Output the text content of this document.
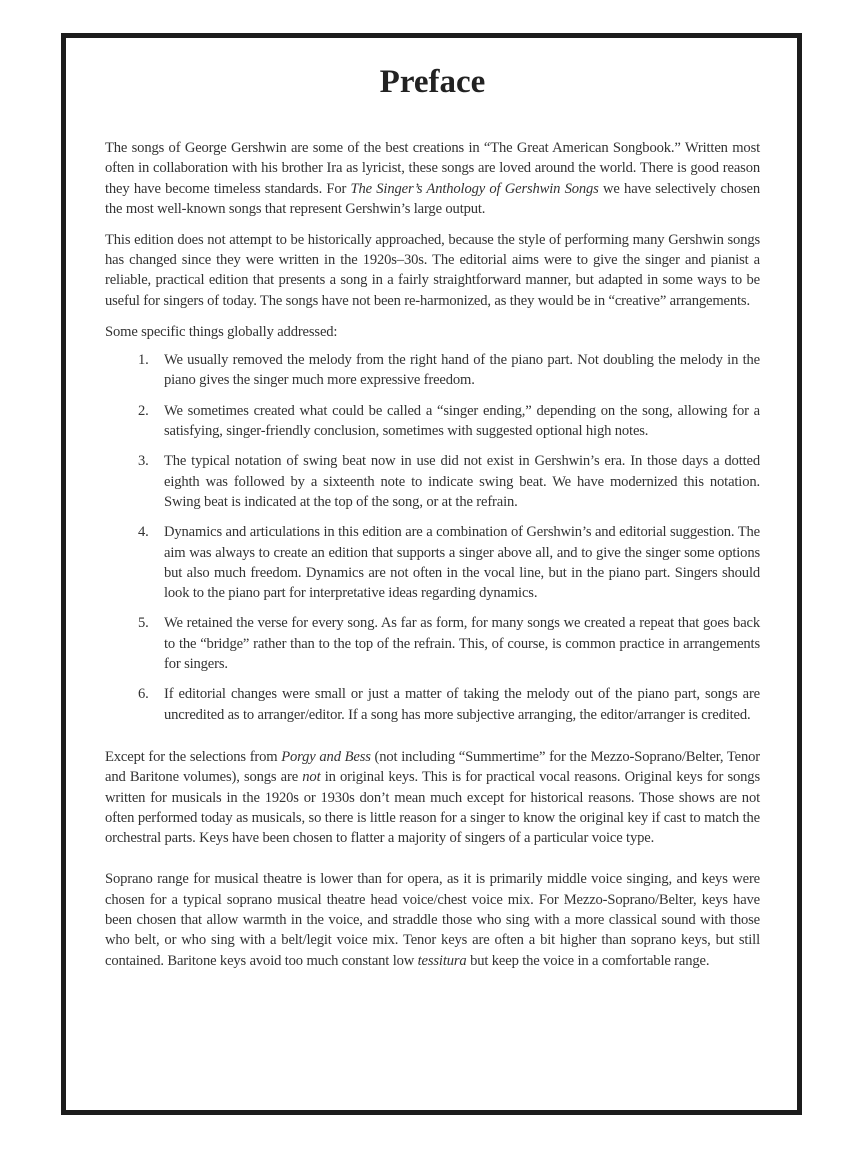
Preface

The songs of George Gershwin are some of the best creations in “The Great American Songbook.” Written most often in collaboration with his brother Ira as lyricist, these songs are loved around the world. There is good reason they have become timeless standards. For The Singer’s Anthology of Gershwin Songs we have selectively chosen the most well-known songs that represent Gershwin’s large output.

This edition does not attempt to be historically approached, because the style of performing many Gershwin songs has changed since they were written in the 1920s–30s. The editorial aims were to give the singer and pianist a reliable, practical edition that presents a song in a fairly straightforward manner, but adapted in some ways to be useful for singers of today. The songs have not been re-harmonized, as they would be in “creative” arrangements.

Some specific things globally addressed:

1.	We usually removed the melody from the right hand of the piano part. Not doubling the melody in the piano gives the singer much more expressive freedom.
2.	We sometimes created what could be called a “singer ending,” depending on the song, allowing for a satisfying, singer-friendly conclusion, sometimes with suggested optional high notes.
3.	The typical notation of swing beat now in use did not exist in Gershwin’s era. In those days a dotted eighth was followed by a sixteenth note to indicate swing beat. We have modernized this notation. Swing beat is indicated at the top of the song, or at the refrain.
4.	Dynamics and articulations in this edition are a combination of Gershwin’s and editorial suggestion. The aim was always to create an edition that supports a singer above all, and to give the singer some options but also much freedom. Dynamics are not often in the vocal line, but in the piano part. Singers should look to the piano part for interpretative ideas regarding dynamics.
5.	We retained the verse for every song. As far as form, for many songs we created a repeat that goes back to the “bridge” rather than to the top of the refrain. This, of course, is common practice in arrangements for singers.
6.	If editorial changes were small or just a matter of taking the melody out of the piano part, songs are uncredited as to arranger/editor. If a song has more subjective arranging, the editor/arranger is credited.

Except for the selections from Porgy and Bess (not including “Summertime” for the Mezzo-Soprano/Belter, Tenor and Baritone volumes), songs are not in original keys. This is for practical vocal reasons. Original keys for songs written for musicals in the 1920s or 1930s don’t mean much except for historical reasons. Those shows are not often performed today as musicals, so there is little reason for a singer to know the original key if cast to match the orchestral parts. Keys have been chosen to flatter a majority of singers of a particular voice type.

Soprano range for musical theatre is lower than for opera, as it is primarily middle voice singing, and keys were chosen for a typical soprano musical theatre head voice/chest voice mix. For Mezzo-Soprano/Belter, keys have been chosen that allow warmth in the voice, and straddle those who sing with a more classical sound with those who belt, or who sing with a belt/legit voice mix. Tenor keys are often a bit higher than soprano keys, but still contained. Baritone keys avoid too much constant low tessitura but keep the voice in a comfortable range.
